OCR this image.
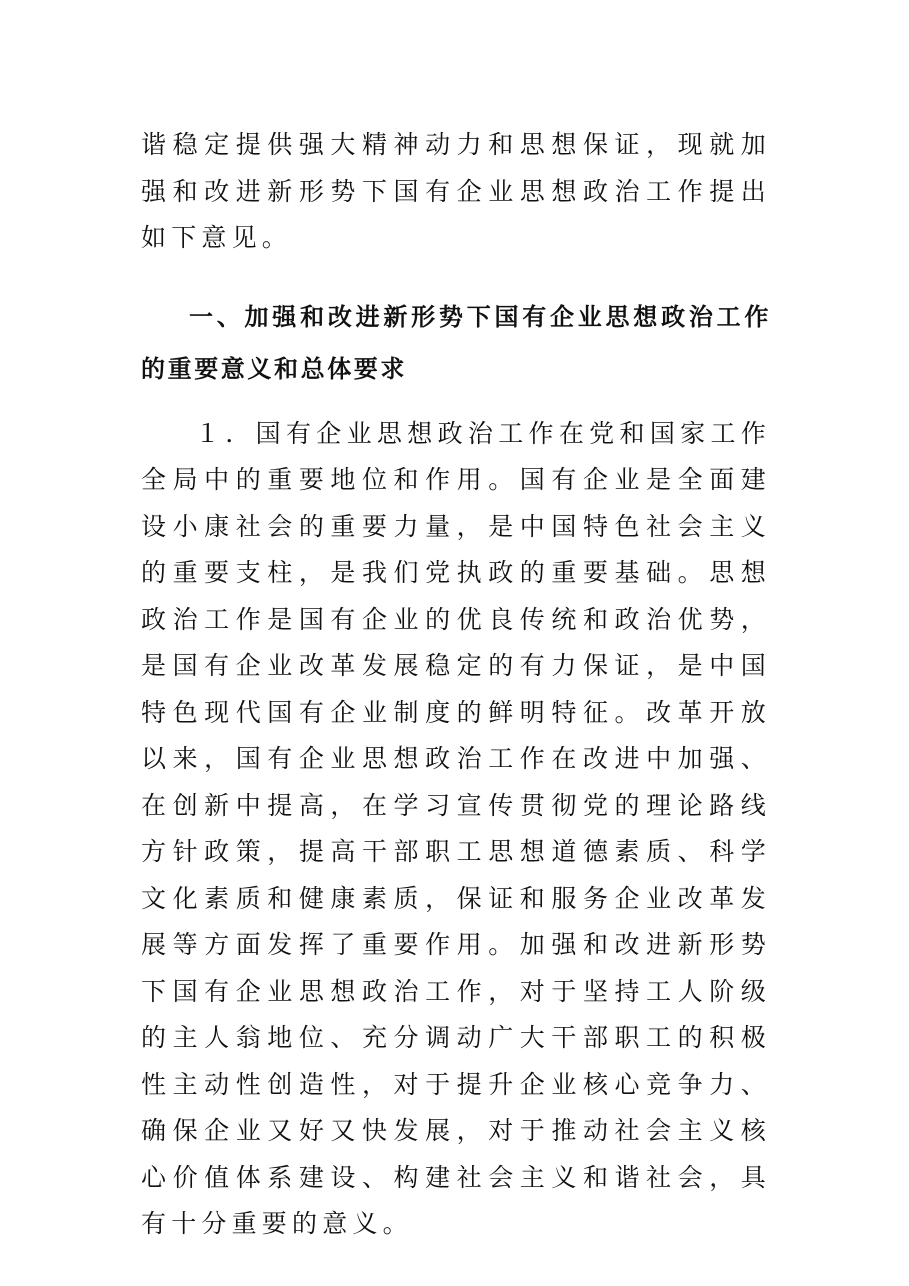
谐稳定提供强大精神动力和思想保证，现就加强和改进新形势下国有企业思想政治工作提出如下意见。

一、加强和改进新形势下国有企业思想政治工作的重要意义和总体要求

１．国有企业思想政治工作在党和国家工作全局中的重要地位和作用。国有企业是全面建设小康社会的重要力量，是中国特色社会主义的重要支柱，是我们党执政的重要基础。思想政治工作是国有企业的优良传统和政治优势，是国有企业改革发展稳定的有力保证，是中国特色现代国有企业制度的鲜明特征。改革开放以来，国有企业思想政治工作在改进中加强、在创新中提高，在学习宣传贯彻党的理论路线方针政策，提高干部职工思想道德素质、科学文化素质和健康素质，保证和服务企业改革发展等方面发挥了重要作用。加强和改进新形势下国有企业思想政治工作，对于坚持工人阶级的主人翁地位、充分调动广大干部职工的积极性主动性创造性，对于提升企业核心竞争力、确保企业又好又快发展，对于推动社会主义核心价值体系建设、构建社会主义和谐社会，具有十分重要的意义。
